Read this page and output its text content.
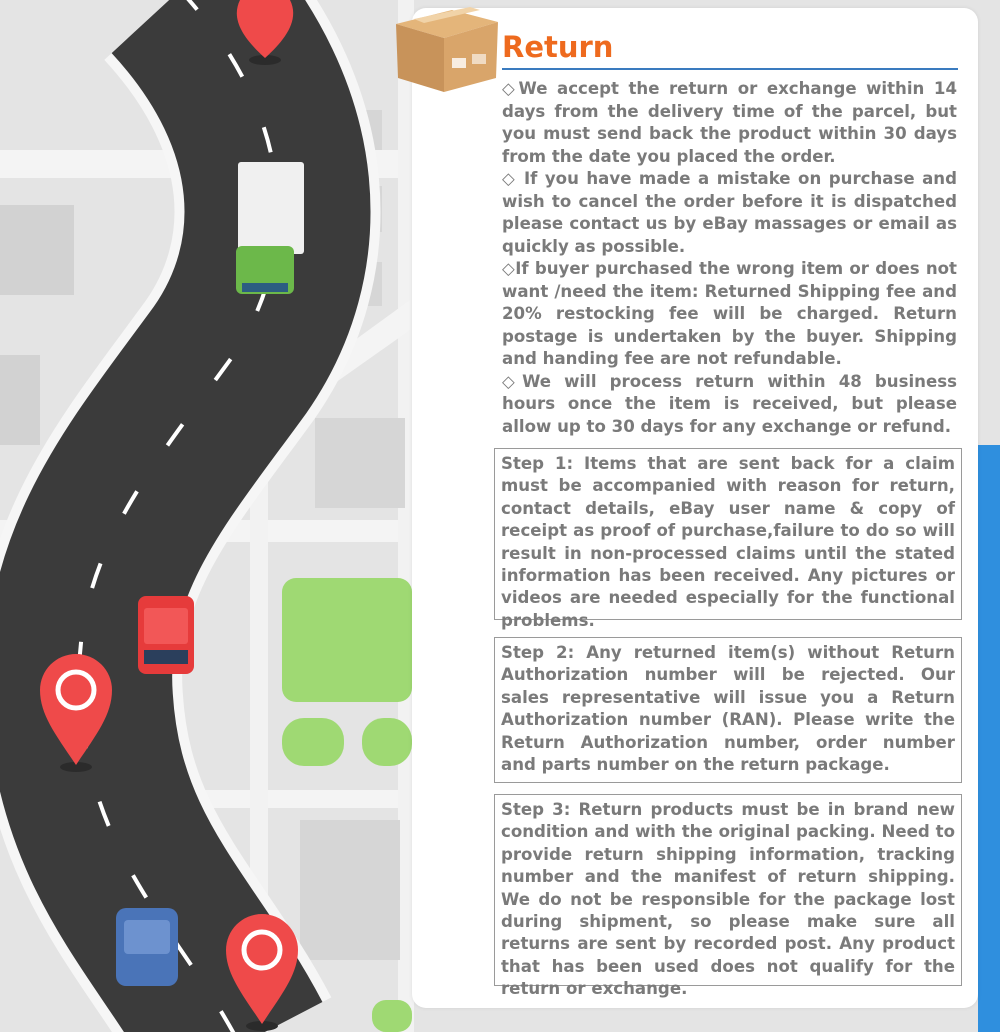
Return
◇We accept the return or exchange within 14 days from the delivery time of the parcel, but you must send back the product within 30 days from the date you placed the order.
◇ If you have made a mistake on purchase and wish to cancel the order before it is dispatched please contact us by eBay massages or email as quickly as possible.
◇If buyer purchased the wrong item or does not want /need the item: Returned Shipping fee and 20% restocking fee will be charged. Return postage is undertaken by the buyer. Shipping and handing fee are not refundable.
◇We will process return within 48 business hours once the item is received, but please allow up to 30 days for any exchange or refund.
Step 1: Items that are sent back for a claim must be accompanied with reason for return, contact details, eBay user name & copy of receipt as proof of purchase,failure to do so will result in non-processed claims until the stated information has been received. Any pictures or videos are needed especially for the functional problems.
Step 2: Any returned item(s) without Return Authorization number will be rejected. Our sales representative will issue you a Return Authorization number (RAN). Please write the Return Authorization number, order number and parts number on the return package.
Step 3: Return products must be in brand new condition and with the original packing. Need to provide return shipping information, tracking number and the manifest of return shipping. We do not be responsible for the package lost during shipment, so please make sure all returns are sent by recorded post. Any product that has been used does not qualify for the return or exchange.
